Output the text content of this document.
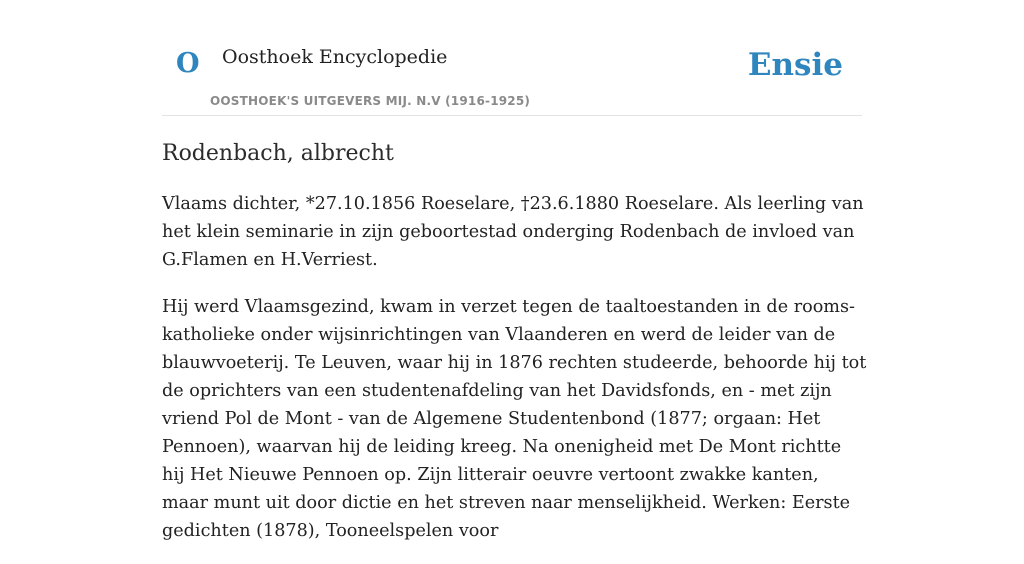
O Oosthoek Encyclopedie
OOSTHOEK'S UITGEVERS MIJ. N.V (1916-1925)
Ensie
Rodenbach, albrecht

Vlaams dichter, *27.10.1856 Roeselare, †23.6.1880 Roeselare. Als leerling van het klein seminarie in zijn geboortestad onderging Rodenbach de invloed van G.Flamen en H.Verriest.

Hij werd Vlaamsgezind, kwam in verzet tegen de taaltoestanden in de rooms-katholieke onder wijsinrichtingen van Vlaanderen en werd de leider van de blauwvoeterij. Te Leuven, waar hij in 1876 rechten studeerde, behoorde hij tot de oprichters van een studentenafdeling van het Davidsfonds, en - met zijn vriend Pol de Mont - van de Algemene Studentenbond (1877; orgaan: Het Pennoen), waarvan hij de leiding kreeg. Na onenigheid met De Mont richtte hij Het Nieuwe Pennoen op. Zijn litterair oeuvre vertoont zwakke kanten, maar munt uit door dictie en het streven naar menselijkheid. Werken: Eerste gedichten (1878), Tooneelspelen voor
